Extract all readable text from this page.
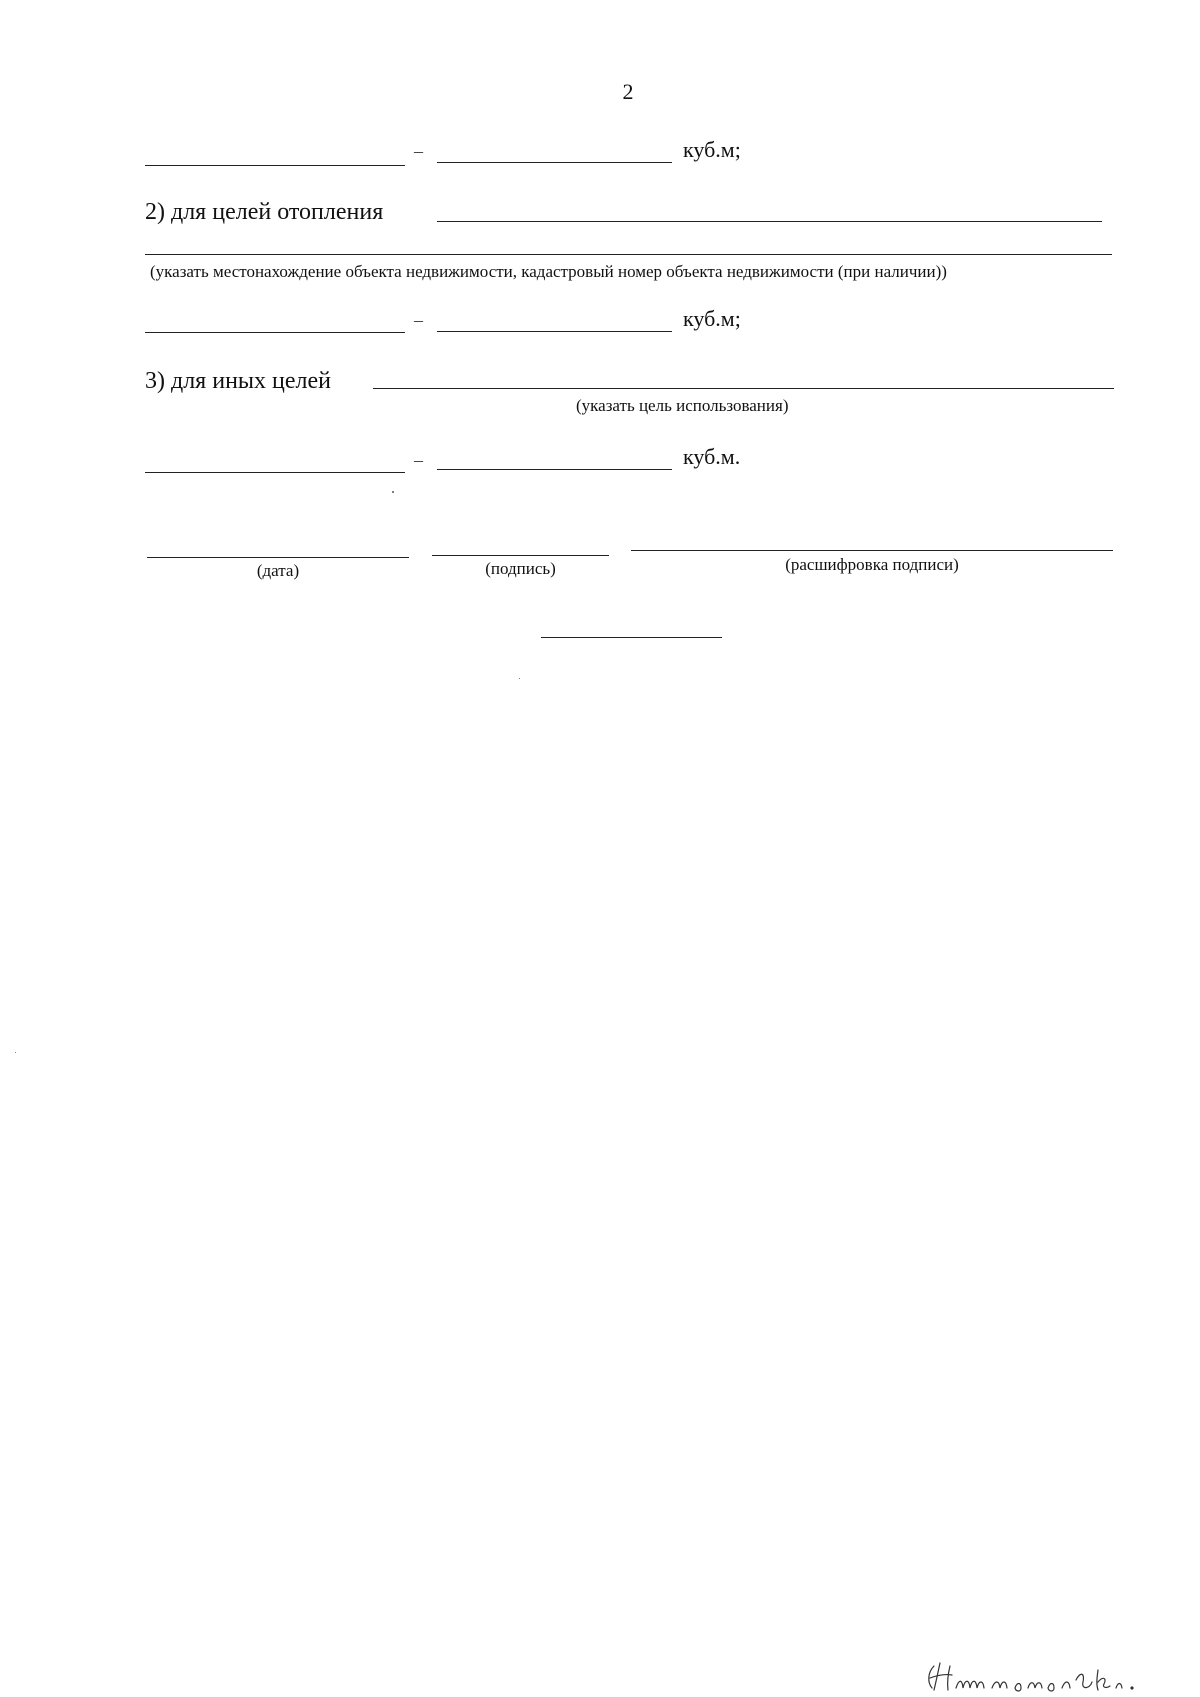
2
–	куб.м;
2) для целей отопления
(указать местонахождение объекта недвижимости, кадастровый номер объекта недвижимости (при наличии))
–	куб.м;
3) для иных целей
(указать цель использования)
–	куб.м.
(дата)	(подпись)	(расшифровка подписи)
